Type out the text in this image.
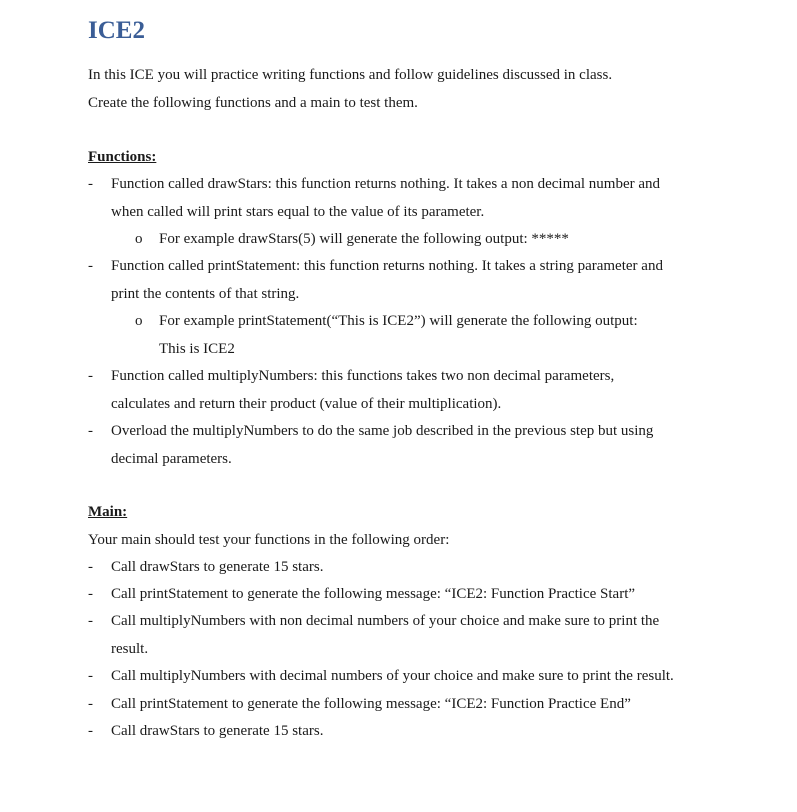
ICE2

In this ICE you will practice writing functions and follow guidelines discussed in class.

Create the following functions and a main to test them.

Functions:

- Function called drawStars: this function returns nothing. It takes a non decimal number and

when called will print stars equal to the value of its parameter.

o For example drawStars(5) will generate the following output: *****

- Function called printStatement: this function returns nothing. It takes a string parameter and

print the contents of that string.

o For example printStatement(“This is ICE2”) will generate the following output:

This is ICE2

- Function called multiplyNumbers: this functions takes two non decimal parameters,

calculates and return their product (value of their multiplication).

- Overload the multiplyNumbers to do the same job described in the previous step but using

decimal parameters.

Main:

Your main should test your functions in the following order:

- Call drawStars to generate 15 stars.

- Call printStatement to generate the following message: “ICE2: Function Practice Start”

- Call multiplyNumbers with non decimal numbers of your choice and make sure to print the

result.

- Call multiplyNumbers with decimal numbers of your choice and make sure to print the result.

- Call printStatement to generate the following message: “ICE2: Function Practice End”

- Call drawStars to generate 15 stars.
